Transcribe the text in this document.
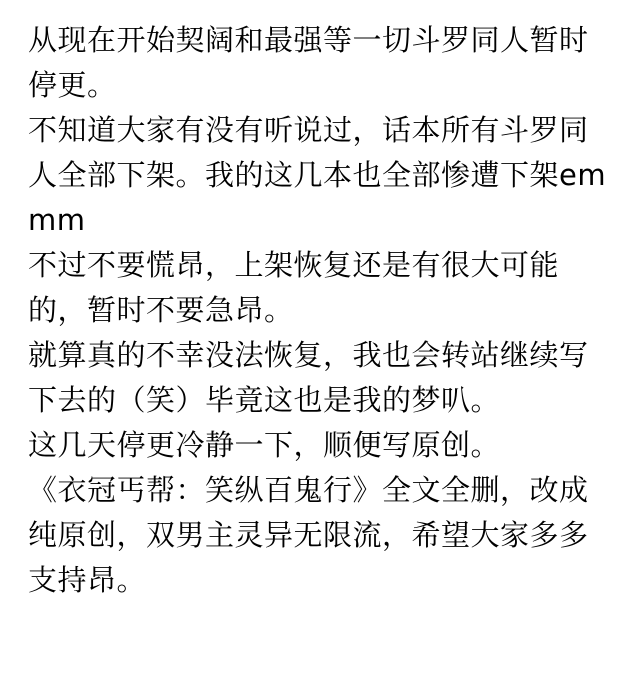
从现在开始契阔和最强等一切斗罗同人暂时停更。

不知道大家有没有听说过，话本所有斗罗同人全部下架。我的这几本也全部惨遭下架emmm

不过不要慌昂，上架恢复还是有很大可能的，暂时不要急昂。

就算真的不幸没法恢复，我也会转站继续写下去的（笑）毕竟这也是我的梦叭。

这几天停更冷静一下，顺便写原创。

《衣冠丐帮：笑纵百鬼行》全文全删，改成纯原创，双男主灵异无限流，希望大家多多支持昂。
